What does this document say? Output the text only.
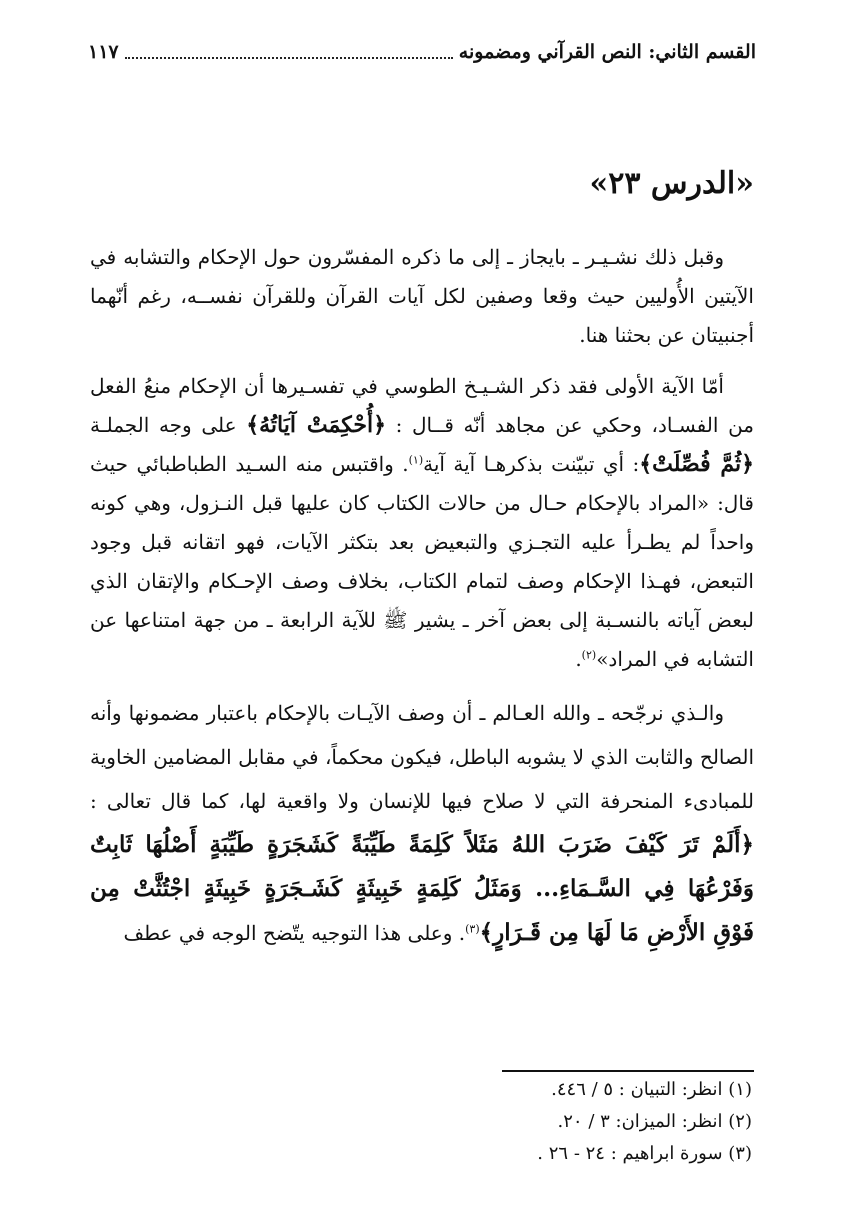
القسم الثاني: النص القرآني ومضمونه
١١٧
«الدرس ٢٣»

وقبل ذلك نشـيـر ـ بايجاز ـ إلى ما ذكره المفسّرون حول الإحكام والتشابه في الآيتين الأُوليين حيث وقعا وصفين لكل آيات القرآن وللقرآن نفســه، رغم أنّهما أجنبيتان عن بحثنا هنا.

أمّا الآية الأولى فقد ذكر الشـيـخ الطوسي في تفسـيرها أن الإحكام منعُ الفعل من الفسـاد، وحكي عن مجاهد أنّه قــال : ﴿أُحْكِمَتْ آيَاتُهُ﴾ على وجه الجملـة ﴿ثُمَّ فُصِّلَتْ﴾: أي تبيّنت بذكرهـا آية آية$^{(١)}$. واقتبس منه السـيد الطباطبائي حيث قال: «المراد بالإحكام حـال من حالات الكتاب كان عليها قبل النـزول، وهي كونه واحداً لم يطـرأ عليه التجـزي والتبعيض بعد بتكثر الآيات، فهو اتقانه قبل وجود التبعض، فهـذا الإحكام وصف لتمام الكتاب، بخلاف وصف الإحـكام والإتقان الذي لبعض آياته بالنسـبة إلى بعض آخر ـ يشير ﷺ للآية الرابعة ـ من جهة امتناعها عن التشابه في المراد»$^{(٢)}$.

والـذي نرجّحه ـ والله العـالم ـ أن وصف الآيـات بالإحكام باعتبار مضمونها وأنه الصالح والثابت الذي لا يشوبه الباطل، فيكون محكماً، في مقابل المضامين الخاوية للمبادىء المنحرفة التي لا صلاح فيها للإنسان ولا واقعية لها، كما قال تعالى : ﴿أَلَمْ تَرَ كَيْفَ ضَرَبَ اللهُ مَثَلاً كَلِمَةً طَيِّبَةً كَشَجَرَةٍ طَيِّبَةٍ أَصْلُهَا ثَابِتٌ وَفَرْعُهَا فِي السَّـمَاءِ... وَمَثَلُ كَلِمَةٍ خَبِيثَةٍ كَشَـجَرَةٍ خَبِيثَةٍ اجْتُثَّتْ مِن فَوْقِ الأَرْضِ مَا لَهَا مِن قَـرَارٍ﴾$^{(٣)}$. وعلى هذا التوجيه يتّضح الوجه في عطف

(١) انظر: التبيان : ٥ / ٤٤٦.
(٢) انظر: الميزان: ٣ / ٢٠.
(٣) سورة ابراهيم : ٢٤ - ٢٦ .
